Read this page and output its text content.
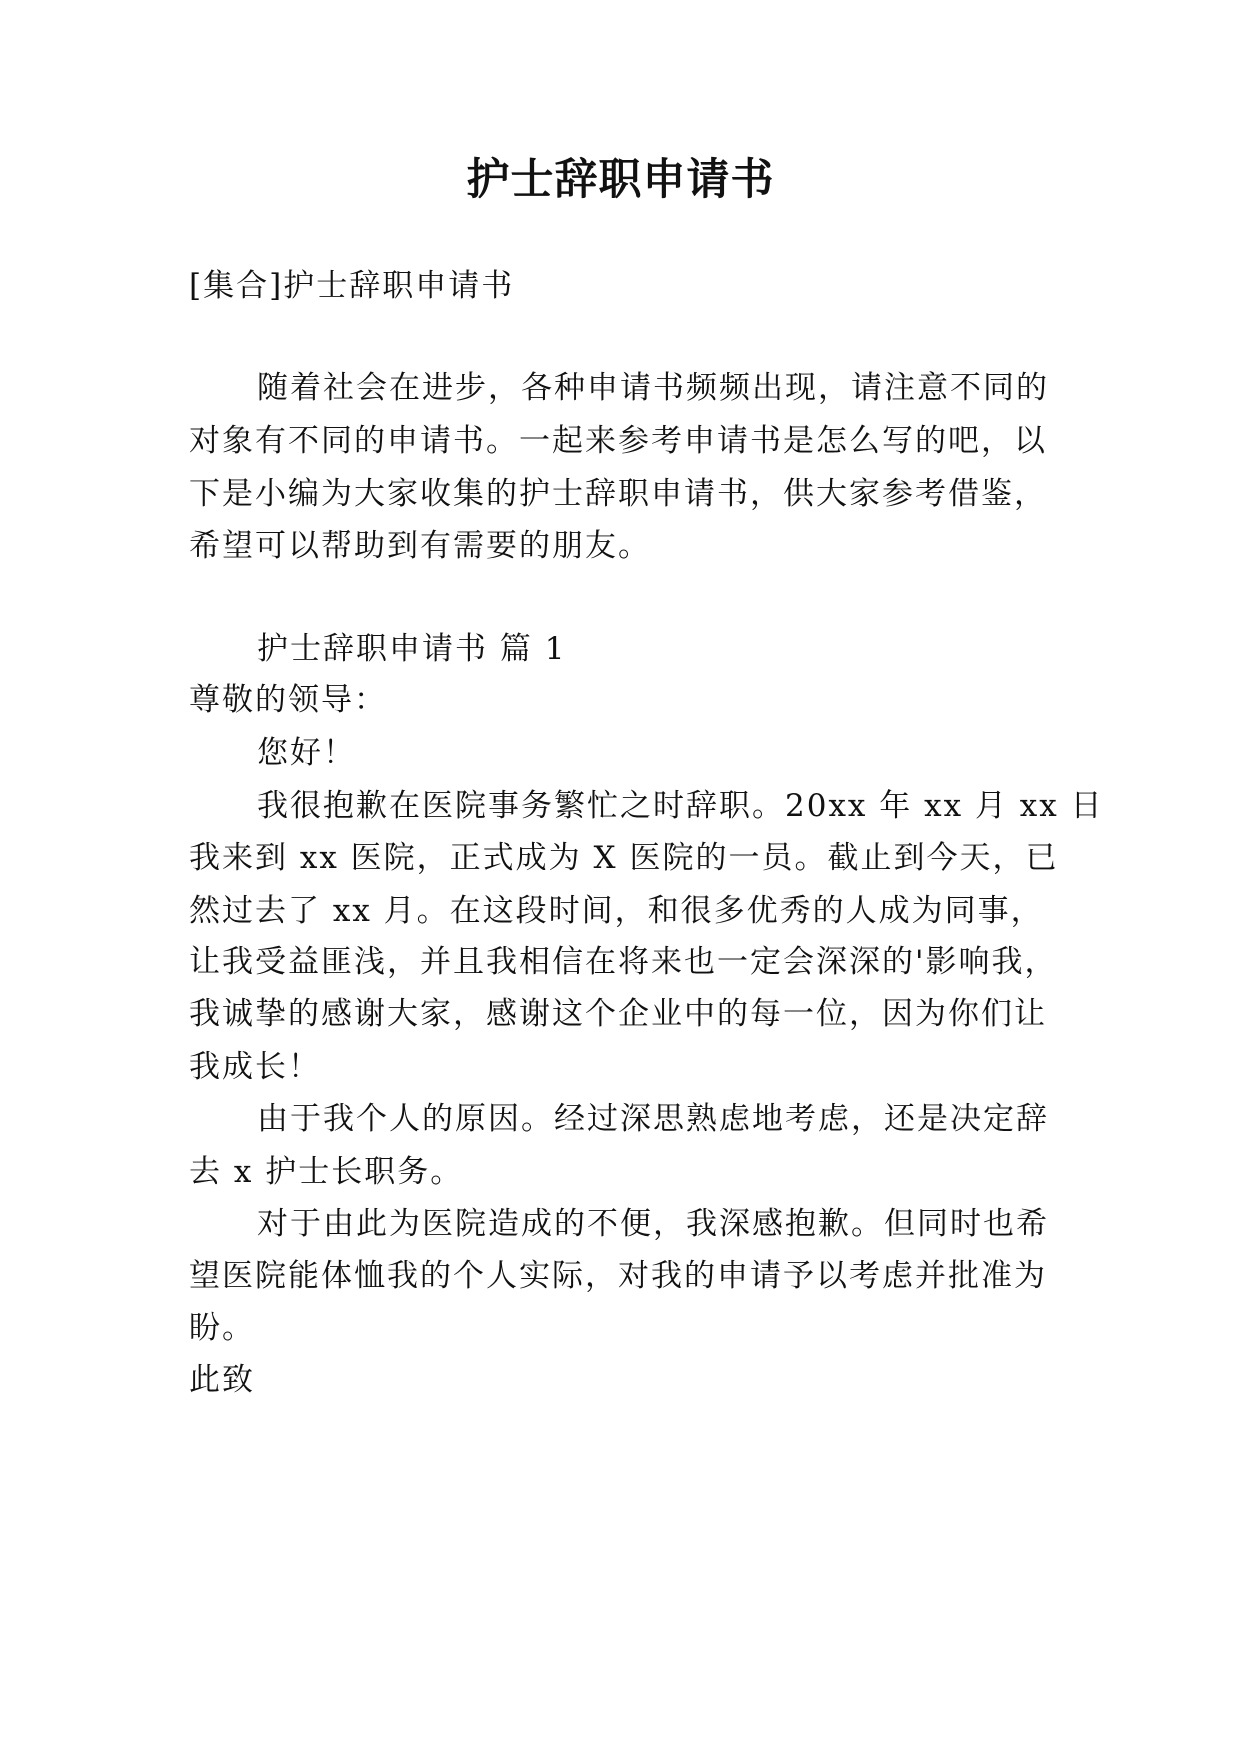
护士辞职申请书

[集合]护士辞职申请书

随着社会在进步，各种申请书频频出现，请注意不同的

对象有不同的申请书。一起来参考申请书是怎么写的吧，以

下是小编为大家收集的护士辞职申请书，供大家参考借鉴，

希望可以帮助到有需要的朋友。

护士辞职申请书 篇 1

尊敬的领导：

您好！

我很抱歉在医院事务繁忙之时辞职。20xx 年 xx 月 xx 日

我来到 xx 医院，正式成为 X 医院的一员。截止到今天，已

然过去了 xx 月。在这段时间，和很多优秀的人成为同事，

让我受益匪浅，并且我相信在将来也一定会深深的'影响我，

我诚挚的感谢大家，感谢这个企业中的每一位，因为你们让

我成长！

由于我个人的原因。经过深思熟虑地考虑，还是决定辞

去 x 护士长职务。

对于由此为医院造成的不便，我深感抱歉。但同时也希

望医院能体恤我的个人实际，对我的申请予以考虑并批准为

盼。

此致
